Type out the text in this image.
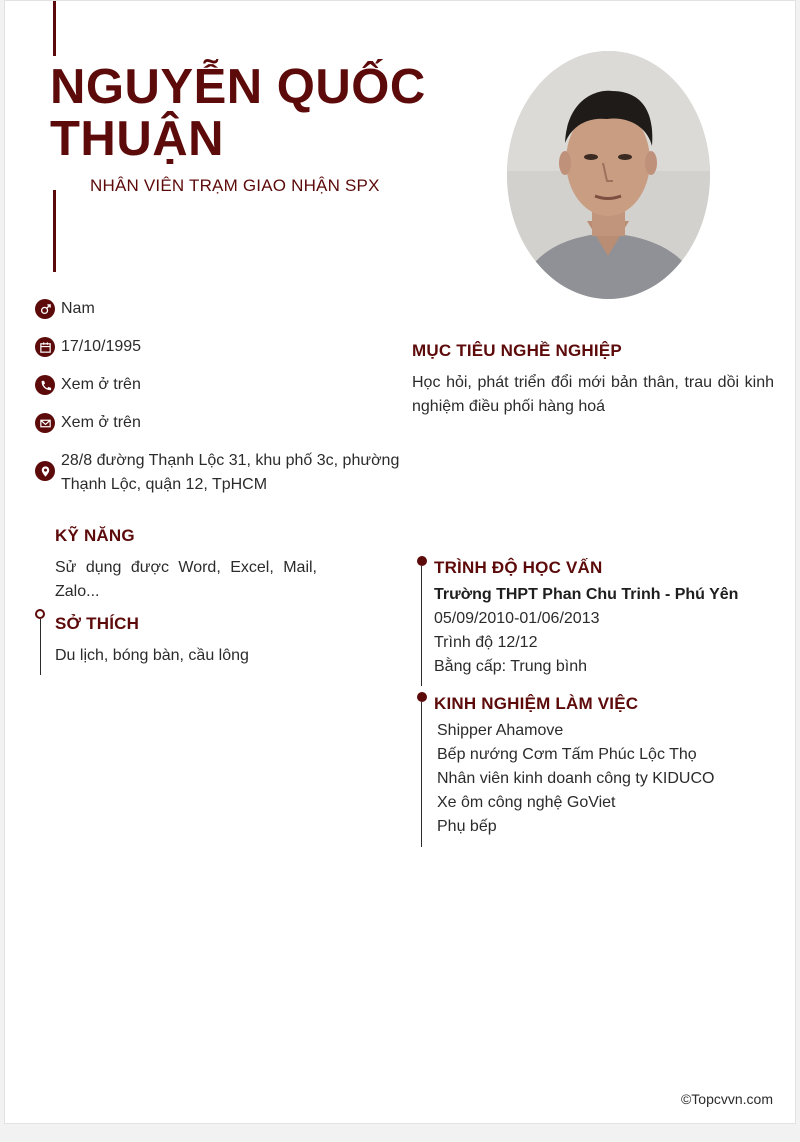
NGUYỄN QUỐC
THUẬN
NHÂN VIÊN TRẠM GIAO NHẬN SPX
Nam
17/10/1995
Xem ở trên
Xem ở trên
28/8 đường Thạnh Lộc 31, khu phố 3c, phường
Thạnh Lộc, quận 12, TpHCM
MỤC TIÊU NGHỀ NGHIỆP
Học hỏi, phát triển đổi mới bản thân, trau dồi kinh
nghiệm điều phối hàng hoá
KỸ NĂNG
Sử dụng được Word, Excel, Mail,
Zalo...
SỞ THÍCH
Du lịch, bóng bàn, cầu lông
TRÌNH ĐỘ HỌC VẤN
Trường THPT Phan Chu Trinh - Phú Yên
05/09/2010-01/06/2013
Trình độ 12/12
Bằng cấp: Trung bình
KINH NGHIỆM LÀM VIỆC
Shipper Ahamove
Bếp nướng Cơm Tấm Phúc Lộc Thọ
Nhân viên kinh doanh công ty KIDUCO
Xe ôm công nghệ GoViet
Phụ bếp
©Topcvvn.com
